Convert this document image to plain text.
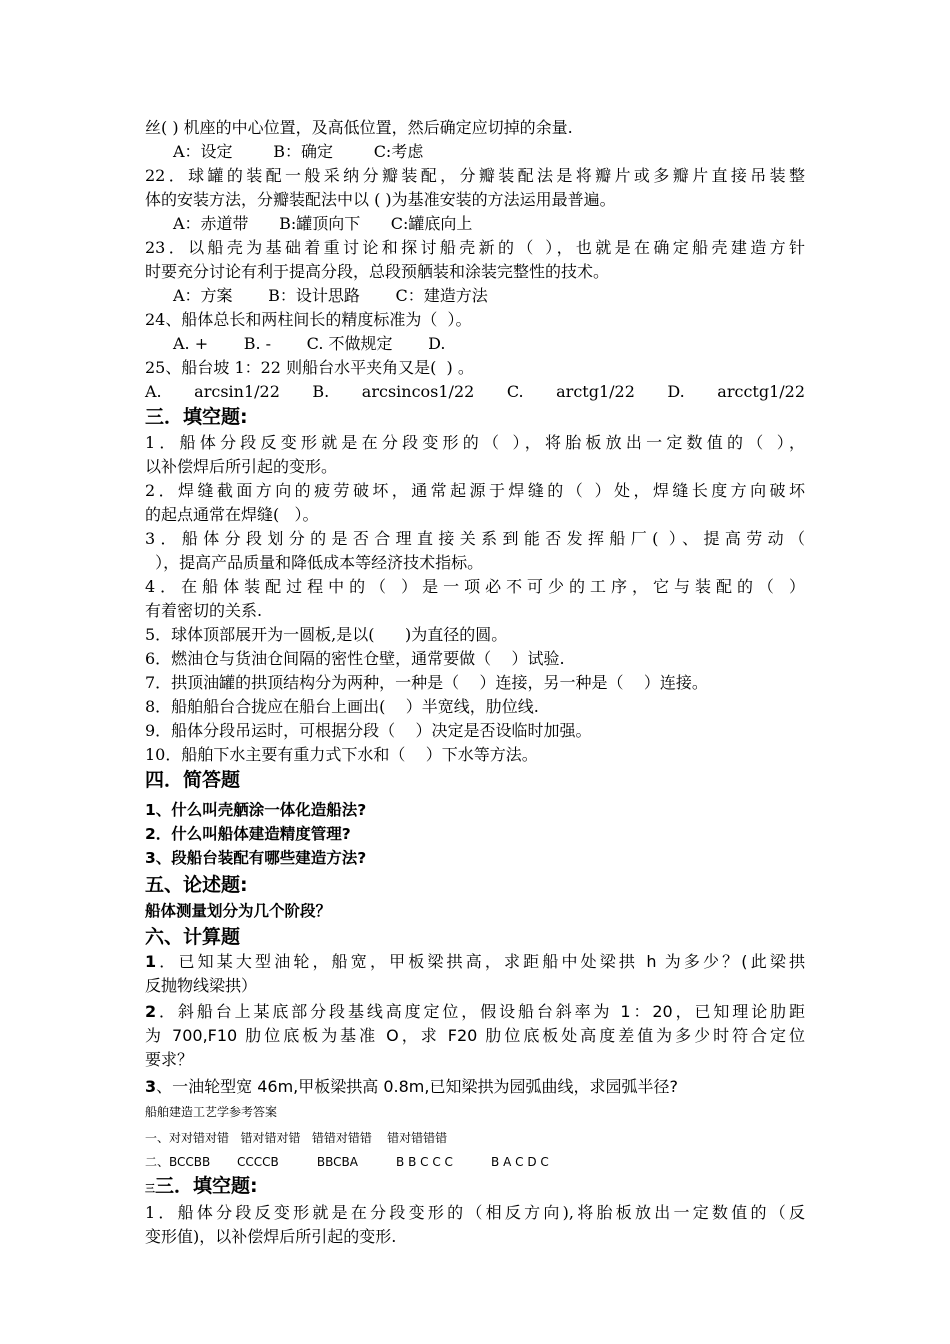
丝( ) 机座的中心位置，及高低位置，然后确定应切掉的余量.
A：设定        B：确定        C:考虑
22．球罐的装配一般采纳分瓣装配，分瓣装配法是将瓣片或多瓣片直接吊装整
体的安装方法，分瓣装配法中以 ( )为基准安装的方法运用最普遍。
A：赤道带      B:罐顶向下      C:罐底向上
23．以船壳为基础着重讨论和探讨船壳新的（ ），也就是在确定船壳建造方针
时要充分讨论有利于提高分段，总段预舾装和涂装完整性的技术。
A：方案       B：设计思路       C：建造方法
24、船体总长和两柱间长的精度标准为（  ）。
A. +       B. -       C. 不做规定       D.
25、船台坡 1：22 则船台水平夹角又是(  ) 。
A. arcsin1/22 B. arcsincos1/22 C. arctg1/22 D. arcctg1/22
三．填空题:
1．船体分段反变形就是在分段变形的（ ），将胎板放出一定数值的（ ），
以补偿焊后所引起的变形。
2．焊缝截面方向的疲劳破坏，通常起源于焊缝的（ ）处，焊缝长度方向破坏
的起点通常在焊缝(   ）。
3．船体分段划分的是否合理直接关系到能否发挥船厂( ）、提高劳动（
），提高产品质量和降低成本等经济技术指标。
4．在船体装配过程中的（ ）是一项必不可少的工序，它与装配的（ ）
有着密切的关系.
5．球体顶部展开为一圆板,是以(      )为直径的圆。
6．燃油仓与货油仓间隔的密性仓壁，通常要做（    ）试验.
7．拱顶油罐的拱顶结构分为两种，一种是（    ）连接，另一种是（    ）连接。
8．船舶船台合拢应在船台上画出(    ）半宽线，肋位线.
9．船体分段吊运时，可根据分段（    ）决定是否设临时加强。
10．船舶下水主要有重力式下水和（    ）下水等方法。
四．简答题
1、什么叫壳舾涂一体化造船法?
2．什么叫船体建造精度管理?
3、段船台装配有哪些建造方法?
五、论述题:
船体测量划分为几个阶段？
六、计算题
1．已知某大型油轮，船宽，甲板梁拱高，求距船中处梁拱 h 为多少？(此梁拱
反抛物线梁拱）
2．斜船台上某底部分段基线高度定位，假设船台斜率为 1：20，已知理论肋距
为 700,F10 肋位底板为基准 O，求 F20 肋位底板处高度差值为多少时符合定位
要求？
3、一油轮型宽 46m,甲板梁拱高 0.8m,已知梁拱为园弧曲线，求园弧半径?
船舶建造工艺学参考答案
一、对对错对错   错对错对错   错错对错错    错对错错错
二、BCCBB       CCCCB          BBCBA          B B C C C          B A C D C
三三．填空题:
1．船体分段反变形就是在分段变形的（相反方向),将胎板放出一定数值的（反
变形值)，以补偿焊后所引起的变形.
